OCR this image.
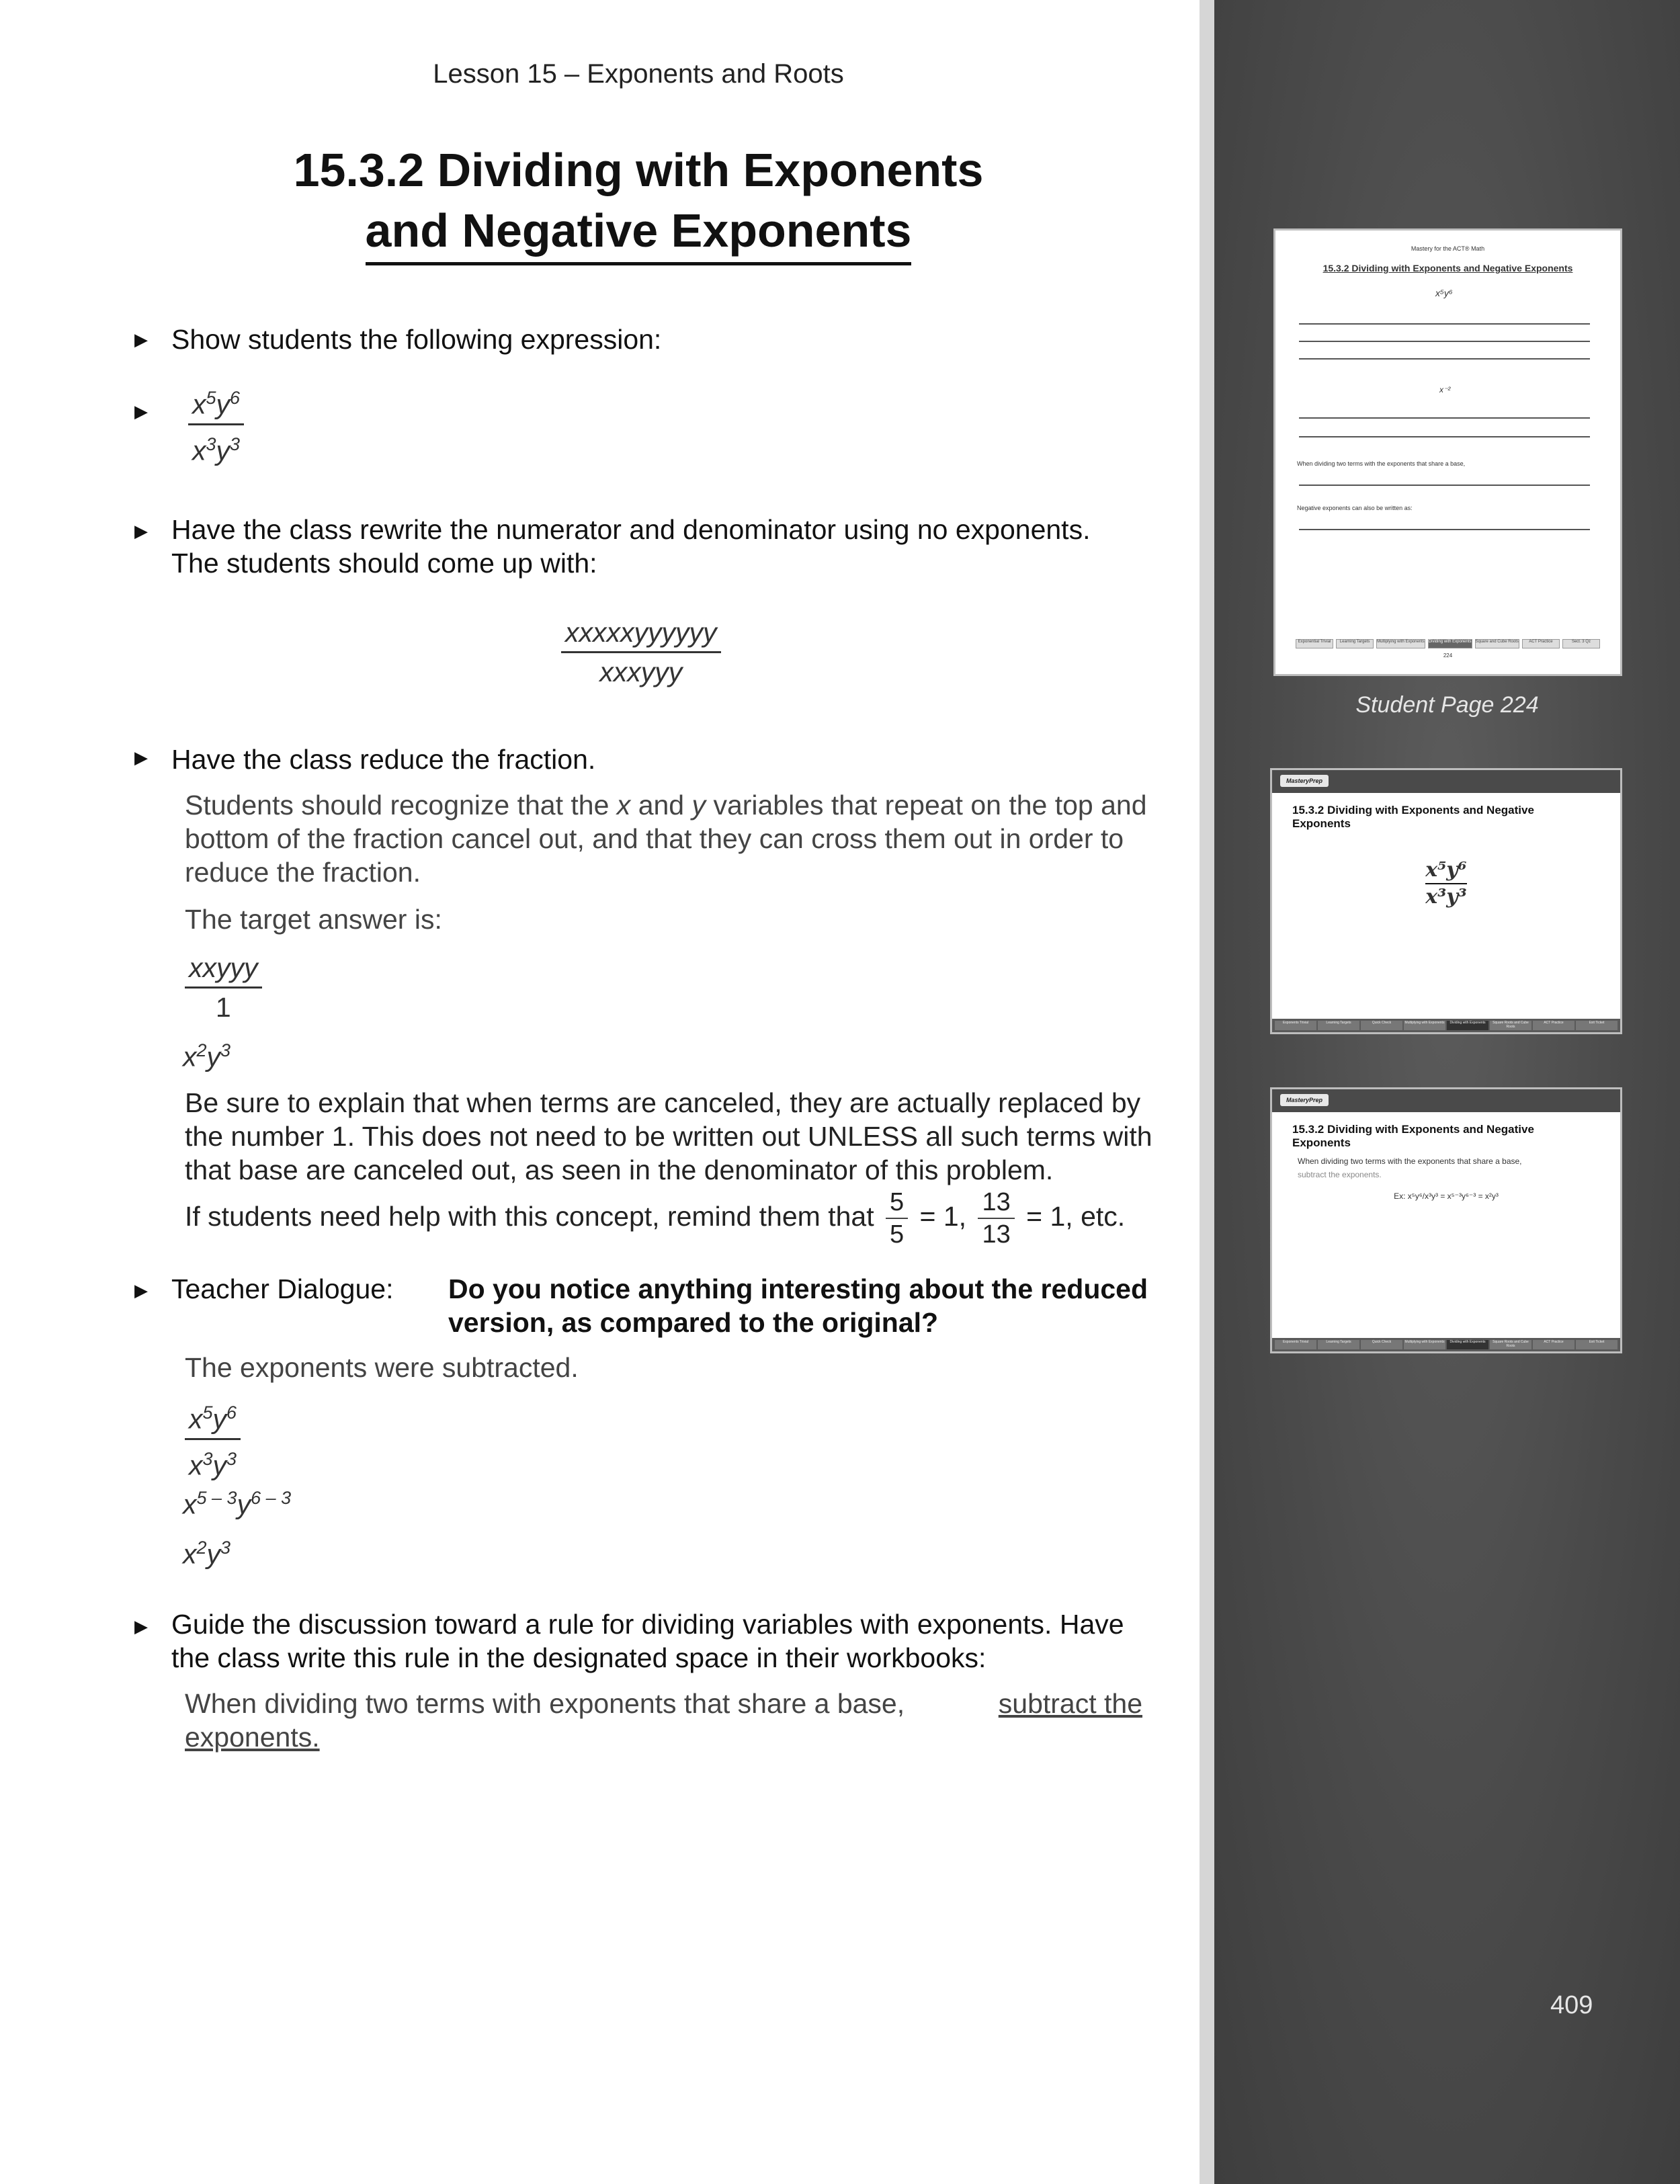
Lesson 15 – Exponents and Roots
15.3.2 Dividing with Exponents
and Negative Exponents
▶ Show students the following expression:
▶ $\frac{x^5y^6}{x^3y^3}$
▶ Have the class rewrite the numerator and denominator using no exponents.
The students should come up with:
xxxxxyyyyyy
xxxyyy
▶ Have the class reduce the fraction.
Students should recognize that the x and y variables that repeat on the top and
bottom of the fraction cancel out, and that they can cross them out in order to
reduce the fraction.
The target answer is:
xxyyy
1
$x^2y^3$
Be sure to explain that when terms are canceled, they are actually replaced by
the number 1. This does not need to be written out UNLESS all such terms with
that base are canceled out, as seen in the denominator of this problem.
If students need help with this concept, remind them that $\frac{5}{5} = 1$, $\frac{13}{13} = 1$, etc.
▶ Teacher Dialogue: Do you notice anything interesting about the reduced
version, as compared to the original?
The exponents were subtracted.
$\frac{x^5y^6}{x^3y^3}$
$x^{5 - 3}y^{6 - 3}$
$x^2y^3$
▶ Guide the discussion toward a rule for dividing variables with exponents. Have
the class write this rule in the designated space in their workbooks:
When dividing two terms with exponents that share a base,	subtract the
exponents.
Mastery for the ACT® Math
15.3.2 Dividing with Exponents and Negative Exponents
x⁵y⁶
x⁻²
When dividing two terms with the exponents that share a base,
Negative exponents can also be written as:
Exponential Trivial	Learning Targets	Multiplying with Exponents Dividing with Exponents Square and Cube Roots	ACT Practice	Sect. 3 Qz
224
Student Page 224
MasteryPrep
15.3.2 Dividing with Exponents and Negative Exponents
x⁵y⁶
x³y³
Exponents Trivial	Learning Targets	Quick Check	Multiplying with Exponents	Dividing with Exponents	Square Roots and Cube Roots
ACT Practice	Exit Ticket
MasteryPrep
15.3.2 Dividing with Exponents and Negative Exponents
When dividing two terms with the exponents that share a base,
subtract the exponents.
Ex: x⁵y⁶/x³y³ = x⁵⁻³y⁶⁻³ = x²y³
Exponents Trivial	Learning Targets	Quick Check	Multiplying with Exponents	Dividing with Exponents	Square Roots and Cube Roots
ACT Practice	Exit Ticket
409
